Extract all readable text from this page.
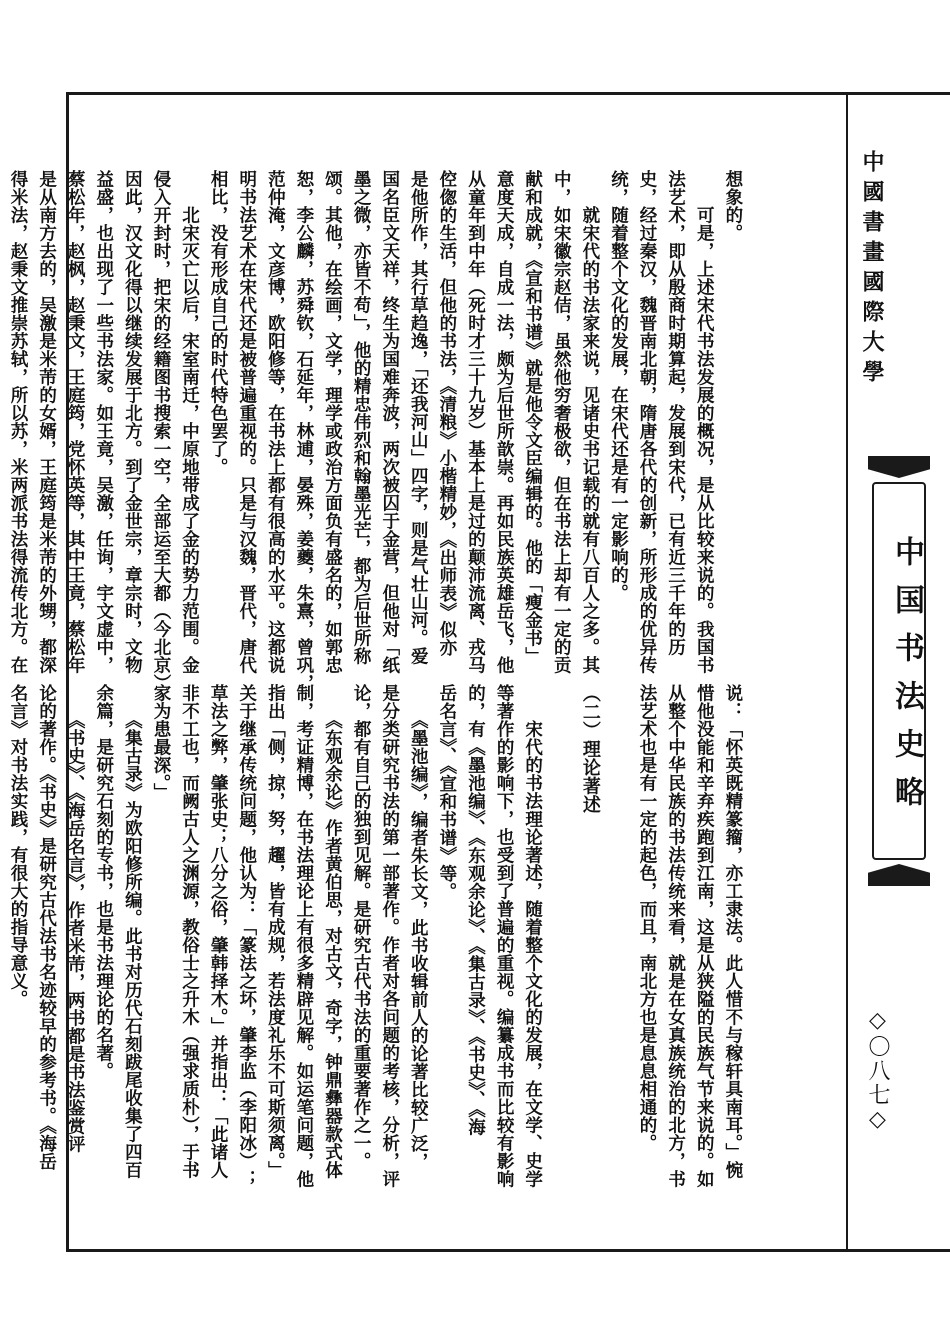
中國書畫國際大學
中国书法史略
◇〇八七◇

想象的。
　　可是，上述宋代书法发展的概况，是从比较来说的。我国书
法艺术，即从殷商时期算起，发展到宋代，已有近三千年的历
史，经过秦汉，魏晋南北朝，隋唐各代的创新，所形成的优异传
统，随着整个文化的发展，在宋代还是有一定影响的。
　　就宋代的书法家来说，见诸史书记载的就有八百人之多。其
中，如宋徽宗赵佶，虽然他穷奢极欲，但在书法上却有一定的贡
献和成就，《宣和书谱》就是他令文臣编辑的。他的「瘦金书」
意度天成，自成一法，颇为后世所歆崇。再如民族英雄岳飞，他
从童年到中年（死时才三十九岁）基本上是过的颠沛流离、戎马
倥偬的生活，但他的书法，《清粮》小楷精妙，《出师表》似亦
是他所作，其行草趋逸，「还我河山」四字，则是气壮山河。爱
国名臣文天祥，终生为国难奔波，两次被囚于金营，但他对「纸
墨之微，亦皆不苟」，他的精忠伟烈和翰墨光芒，都为后世所称
颂。其他，在绘画，文学，理学或政治方面负有盛名的，如郭忠
恕，李公麟，苏舜钦，石延年，林逋，晏殊，姜夔，朱熹，曾巩，
范仲淹，文彦博，欧阳修等，在书法上都有很高的水平。这都说
明书法艺术在宋代还是被普遍重视的。只是与汉魏，晋代，唐代
相比，没有形成自己的时代特色罢了。
　　北宋灭亡以后，宋室南迁，中原地带成了金的势力范围。金
侵入开封时，把宋的经籍图书搜索一空，全部运至大都（今北京）
因此，汉文化得以继续发展于北方。到了金世宗，章宗时，文物
益盛，也出现了一些书法家。如王竟，吴激，任询，宇文虚中，
蔡松年，赵枫，赵秉文，王庭筠，党怀英等，其中王竟，蔡松年
是从南方去的，吴激是米芾的女婿，王庭筠是米芾的外甥，都深
得米法，赵秉文推崇苏轼，所以苏，米两派书法得流传北方。在

说：「怀英既精篆籀，亦工隶法。此人惜不与稼轩具南耳。」惋
惜他没能和辛弃疾跑到江南，这是从狭隘的民族气节来说的。如
从整个中华民族的书法传统来看，就是在女真族统治的北方，书
法艺术也是有一定的起色，而且，南北方也是息息相通的。

（二）理论著述

　　宋代的书法理论著述，随着整个文化的发展，在文学、史学
等著作的影响下，也受到了普遍的重视。编纂成书而比较有影响
的，有《墨池编》、《东观余论》、《集古录》、《书史》、《海
岳名言》、《宣和书谱》等。
　　《墨池编》，编者朱长文，此书收辑前人的论著比较广泛，
是分类研究书法的第一部著作。作者对各问题的考核，分析，评
论，都有自己的独到见解。是研究古代书法的重要著作之一。
　　《东观余论》作者黄伯思，对古文，奇字，钟鼎彝器款式体
制，考证精博，在书法理论上有很多精辟见解。如运笔问题，他
指出「侧，掠，努，趯，皆有成规，若法度礼乐不可斯须离。」
关于继承传统问题，他认为：「篆法之坏，肇李监（李阳冰）；
草法之弊，肇张史；八分之俗，肇韩择木。」并指出：「此诸人
非不工也，而阙古人之渊源，教俗士之升木（强求质朴），于书
家为患最深。」
　　《集古录》为欧阳修所编。此书对历代石刻跋尾收集了四百
余篇，是研究石刻的专书，也是书法理论的名著。
　　《书史》、《海岳名言》，作者米芾，两书都是书法鉴赏评
论的著作。《书史》是研究古代法书名迹较早的参考书。《海岳
名言》对书法实践，有很大的指导意义。
